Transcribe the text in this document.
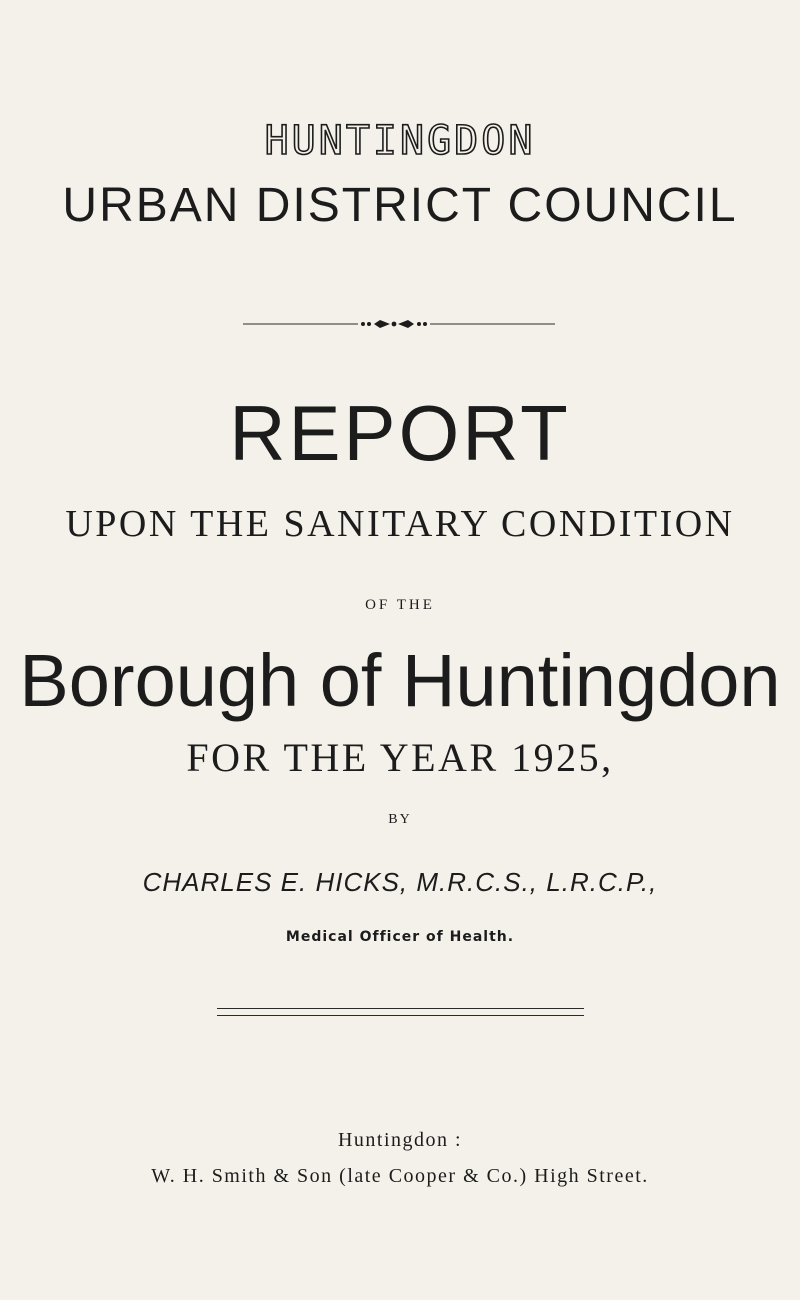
HUNTINGDON
URBAN DISTRICT COUNCIL
REPORT
UPON THE SANITARY CONDITION
OF THE
Borough of Huntingdon
FOR THE YEAR 1925,
BY
CHARLES E. HICKS, M.R.C.S., L.R.C.P.,
Medical Officer of Health.
Huntingdon :
W. H. Smith & Son (late Cooper & Co.) High Street.
